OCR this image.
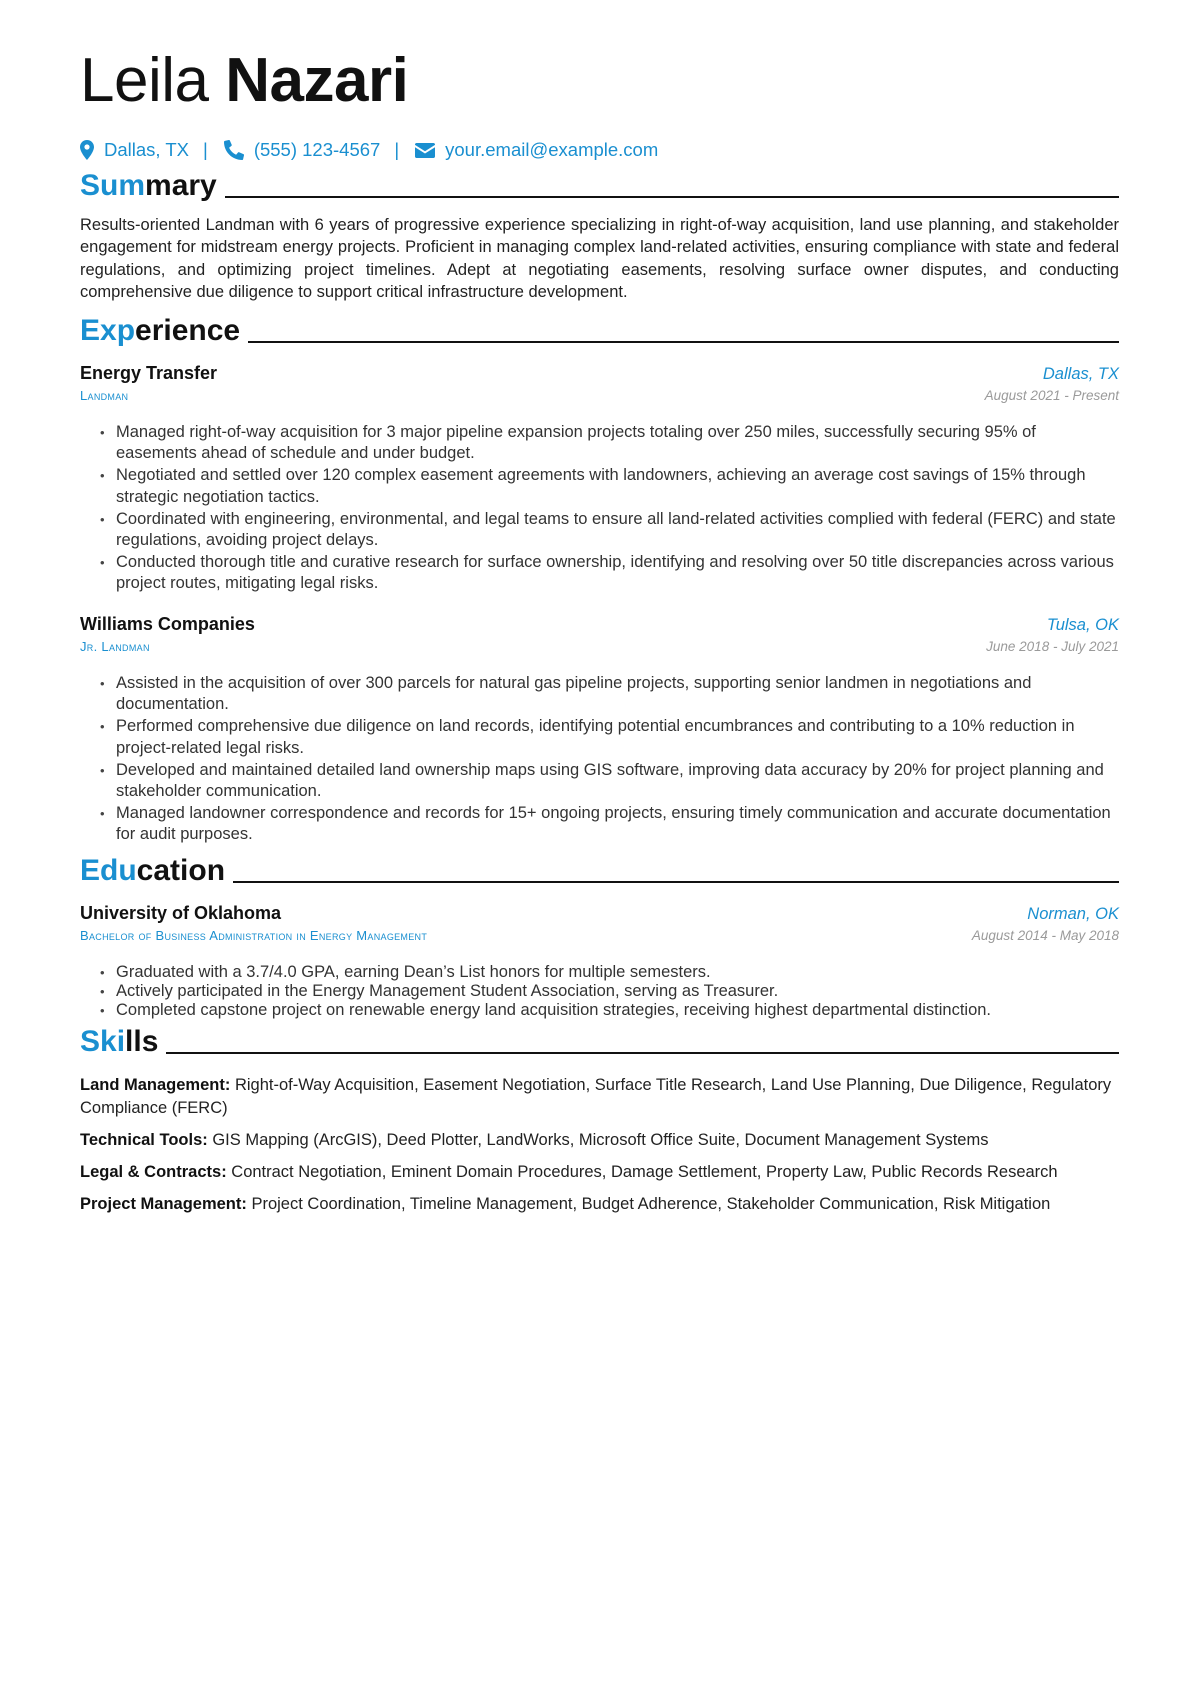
Leila Nazari
Dallas, TX | (555) 123-4567 | your.email@example.com
Summary

Results-oriented Landman with 6 years of progressive experience specializing in right-of-way acquisition, land use planning, and stakeholder engagement for midstream energy projects. Proficient in managing complex land-related activities, ensuring compliance with state and federal regulations, and optimizing project timelines. Adept at negotiating easements, resolving surface owner disputes, and conducting comprehensive due diligence to support critical infrastructure development.

Experience
Energy Transfer	Dallas, TX
Landman	August 2021 - Present
• Managed right-of-way acquisition for 3 major pipeline expansion projects totaling over 250 miles, successfully securing 95% of easements ahead of schedule and under budget.
• Negotiated and settled over 120 complex easement agreements with landowners, achieving an average cost savings of 15% through strategic negotiation tactics.
• Coordinated with engineering, environmental, and legal teams to ensure all land-related activities complied with federal (FERC) and state regulations, avoiding project delays.
• Conducted thorough title and curative research for surface ownership, identifying and resolving over 50 title discrepancies across various project routes, mitigating legal risks.
Williams Companies	Tulsa, OK
Jr. Landman	June 2018 - July 2021
• Assisted in the acquisition of over 300 parcels for natural gas pipeline projects, supporting senior landmen in negotiations and documentation.
• Performed comprehensive due diligence on land records, identifying potential encumbrances and contributing to a 10% reduction in project-related legal risks.
• Developed and maintained detailed land ownership maps using GIS software, improving data accuracy by 20% for project planning and stakeholder communication.
• Managed landowner correspondence and records for 15+ ongoing projects, ensuring timely communication and accurate documentation for audit purposes.
Education
University of Oklahoma	Norman, OK
Bachelor of Business Administration in Energy Management	August 2014 - May 2018
• Graduated with a 3.7/4.0 GPA, earning Dean’s List honors for multiple semesters.
• Actively participated in the Energy Management Student Association, serving as Treasurer.
• Completed capstone project on renewable energy land acquisition strategies, receiving highest departmental distinction.
Skills
Land Management: Right-of-Way Acquisition, Easement Negotiation, Surface Title Research, Land Use Planning, Due Diligence, Regulatory Compliance (FERC)
Technical Tools: GIS Mapping (ArcGIS), Deed Plotter, LandWorks, Microsoft Office Suite, Document Management Systems
Legal & Contracts: Contract Negotiation, Eminent Domain Procedures, Damage Settlement, Property Law, Public Records Research
Project Management: Project Coordination, Timeline Management, Budget Adherence, Stakeholder Communication, Risk Mitigation
